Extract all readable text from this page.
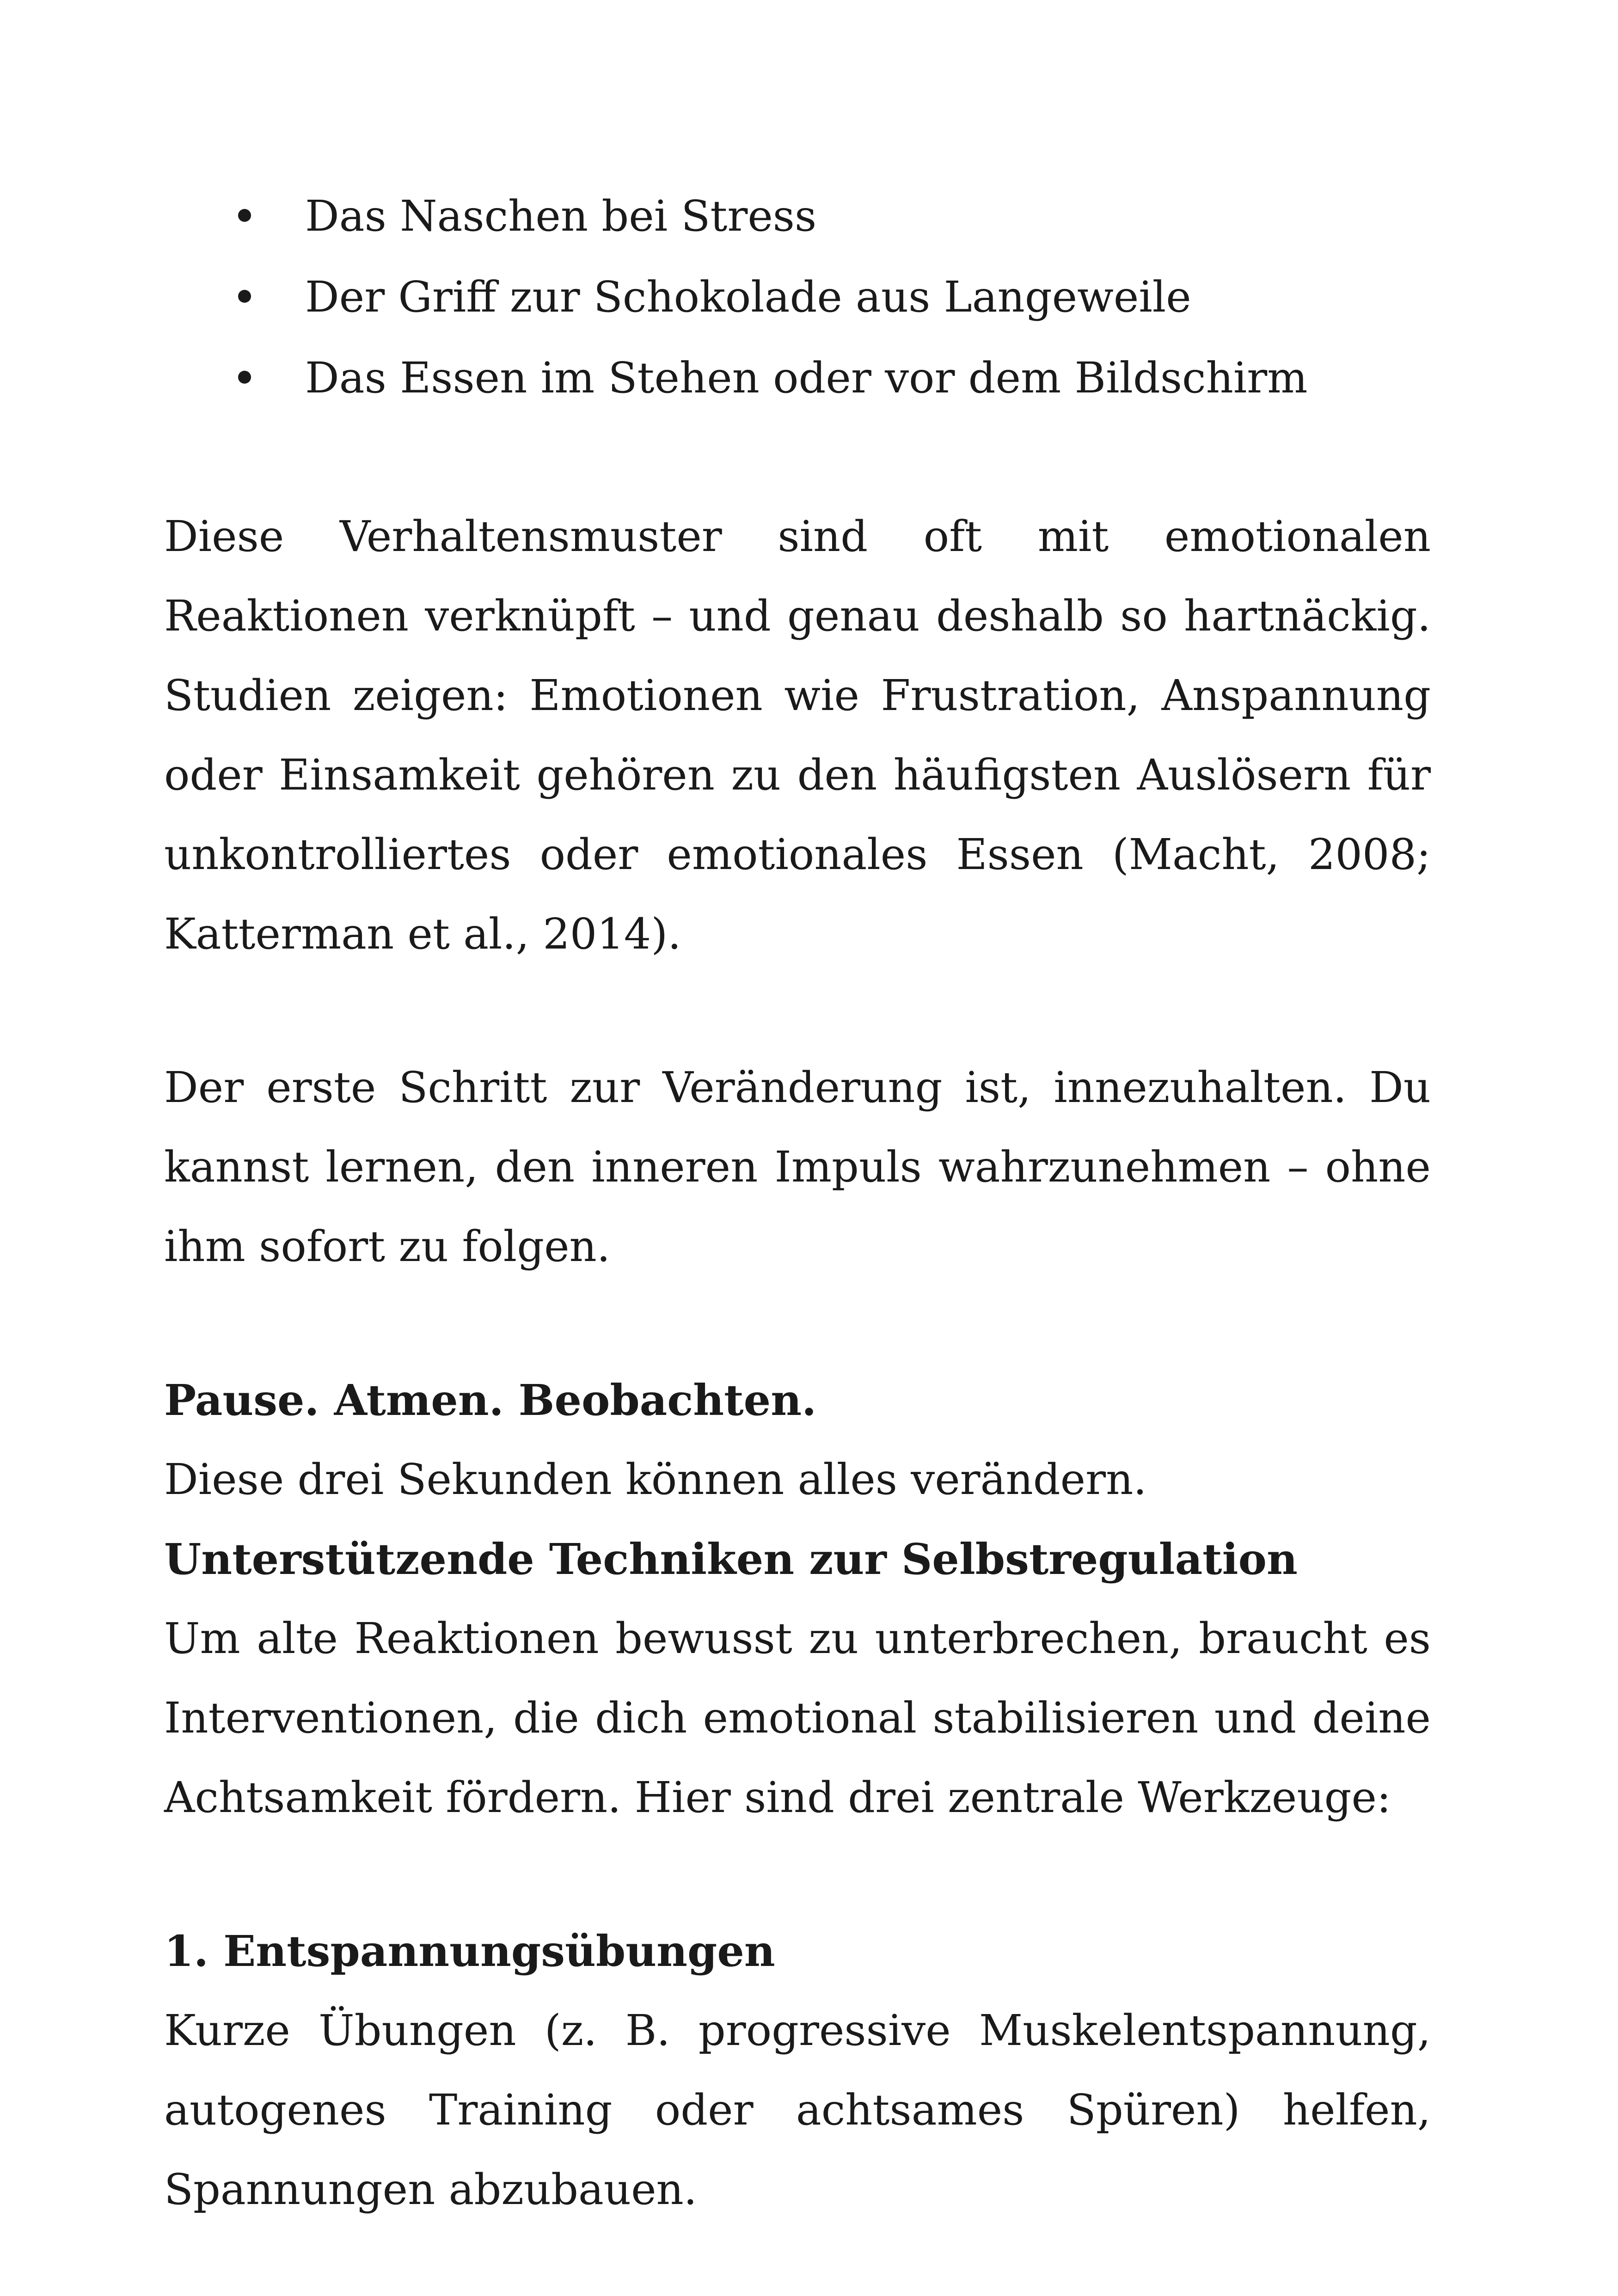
Das Naschen bei Stress
Der Griff zur Schokolade aus Langeweile
Das Essen im Stehen oder vor dem Bildschirm

Diese Verhaltensmuster sind oft mit emotionalen Reaktionen verknüpft – und genau deshalb so hartnäckig. Studien zeigen: Emotionen wie Frustration, Anspannung oder Einsamkeit gehören zu den häufigsten Auslösern für unkontrolliertes oder emotionales Essen (Macht, 2008; Katterman et al., 2014).

Der erste Schritt zur Veränderung ist, innezuhalten. Du kannst lernen, den inneren Impuls wahrzunehmen – ohne ihm sofort zu folgen.

Pause. Atmen. Beobachten.

Diese drei Sekunden können alles verändern.

Unterstützende Techniken zur Selbstregulation

Um alte Reaktionen bewusst zu unterbrechen, braucht es Interventionen, die dich emotional stabilisieren und deine Achtsamkeit fördern. Hier sind drei zentrale Werkzeuge:

1. Entspannungsübungen

Kurze Übungen (z. B. progressive Muskelentspannung, autogenes Training oder achtsames Spüren) helfen, Spannungen abzubauen.
